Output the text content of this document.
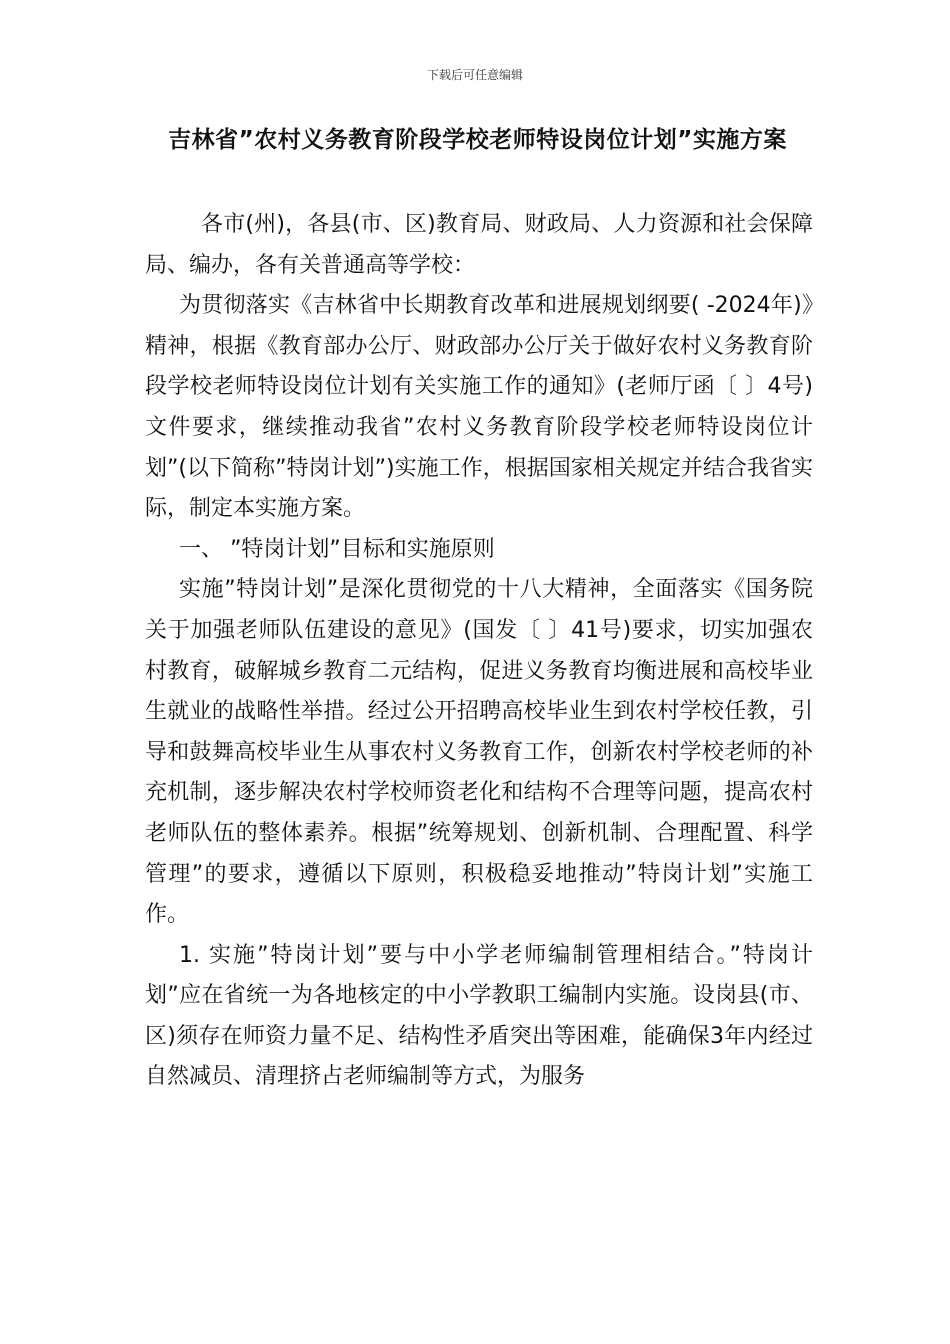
下载后可任意编辑
吉林省”农村义务教育阶段学校老师特设岗位计划”实施方案

各市(州)，各县(市、区)教育局、财政局、人力资源和社会保障局、编办，各有关普通高等学校：

为贯彻落实《吉林省中长期教育改革和进展规划纲要( -2024年)》精神，根据《教育部办公厅、财政部办公厅关于做好农村义务教育阶段学校老师特设岗位计划有关实施工作的通知》(老师厅函〔 〕4号)文件要求，继续推动我省”农村义务教育阶段学校老师特设岗位计划”(以下简称”特岗计划”)实施工作，根据国家相关规定并结合我省实际，制定本实施方案。

一、 ”特岗计划”目标和实施原则

实施”特岗计划”是深化贯彻党的十八大精神，全面落实《国务院关于加强老师队伍建设的意见》(国发〔 〕41号)要求，切实加强农村教育，破解城乡教育二元结构，促进义务教育均衡进展和高校毕业生就业的战略性举措。经过公开招聘高校毕业生到农村学校任教，引导和鼓舞高校毕业生从事农村义务教育工作，创新农村学校老师的补充机制，逐步解决农村学校师资老化和结构不合理等问题，提高农村老师队伍的整体素养。根据”统筹规划、创新机制、合理配置、科学管理”的要求，遵循以下原则，积极稳妥地推动”特岗计划”实施工作。

1. 实施”特岗计划”要与中小学老师编制管理相结合。”特岗计划”应在省统一为各地核定的中小学教职工编制内实施。设岗县(市、区)须存在师资力量不足、结构性矛盾突出等困难，能确保3年内经过自然减员、清理挤占老师编制等方式，为服务
